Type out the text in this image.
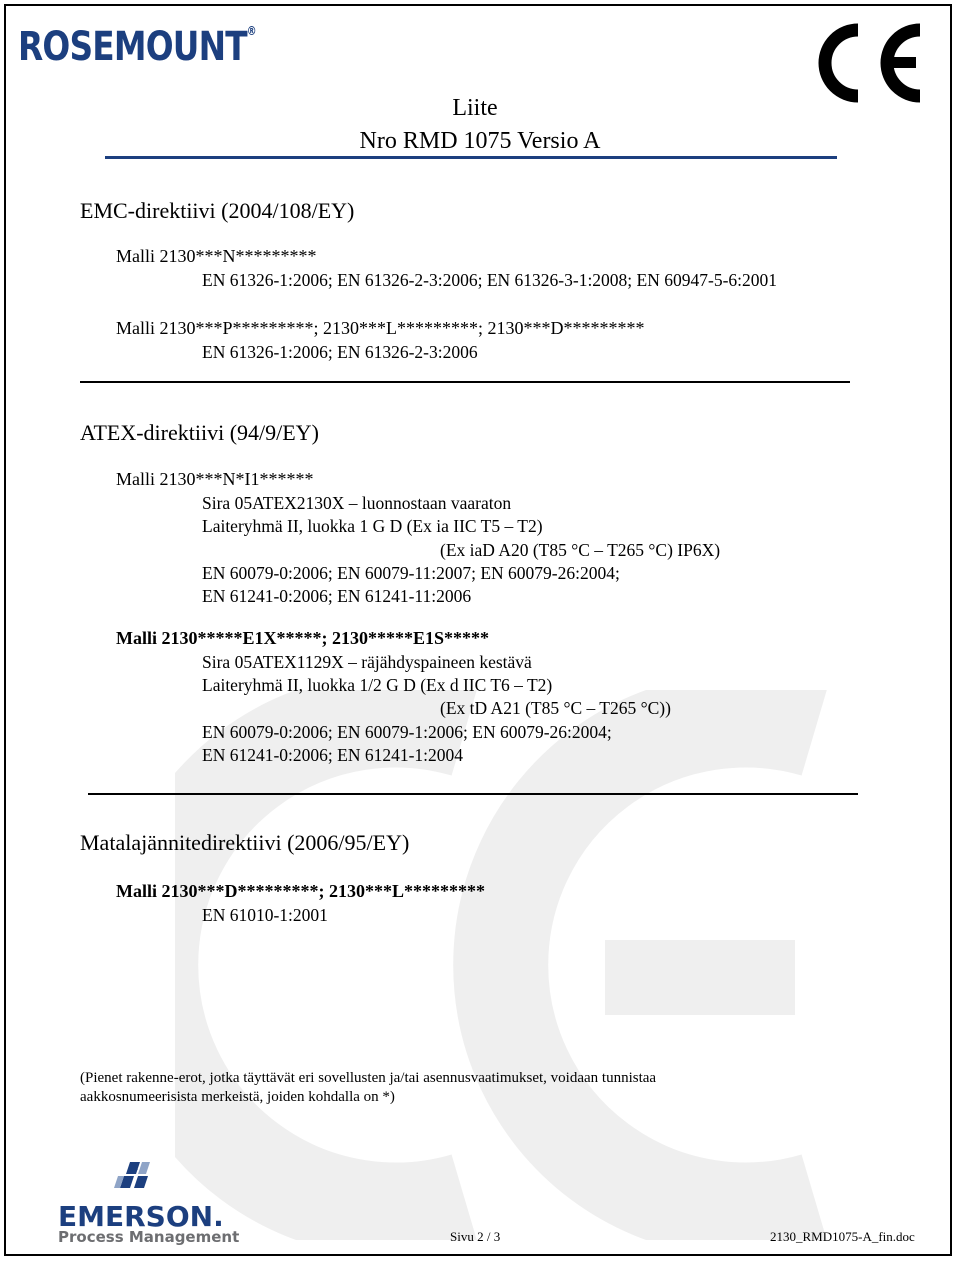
ROSEMOUNT®
Liite
Nro RMD 1075 Versio A
EMC-direktiivi (2004/108/EY)
Malli 2130***N*********
EN 61326-1:2006; EN 61326-2-3:2006; EN 61326-3-1:2008; EN 60947-5-6:2001
Malli 2130***P*********; 2130***L*********; 2130***D*********
EN 61326-1:2006; EN 61326-2-3:2006
ATEX-direktiivi (94/9/EY)
Malli 2130***N*I1******
Sira 05ATEX2130X – luonnostaan vaaraton
Laiteryhmä II, luokka 1 G D (Ex ia IIC T5 – T2)
(Ex iaD A20 (T85 °C – T265 °C) IP6X)
EN 60079-0:2006; EN 60079-11:2007; EN 60079-26:2004;
EN 61241-0:2006; EN 61241-11:2006
Malli 2130*****E1X*****; 2130*****E1S*****
Sira 05ATEX1129X – räjähdyspaineen kestävä
Laiteryhmä II, luokka 1/2 G D (Ex d IIC T6 – T2)
(Ex tD A21 (T85 °C – T265 °C))
EN 60079-0:2006; EN 60079-1:2006; EN 60079-26:2004;
EN 61241-0:2006; EN 61241-1:2004
Matalajännitedirektiivi (2006/95/EY)
Malli 2130***D*********; 2130***L*********
EN 61010-1:2001
(Pienet rakenne-erot, jotka täyttävät eri sovellusten ja/tai asennusvaatimukset, voidaan tunnistaa
aakkosnumeerisista merkeistä, joiden kohdalla on *)
EMERSON.
Process Management	Sivu 2 / 3	2130_RMD1075-A_fin.doc
